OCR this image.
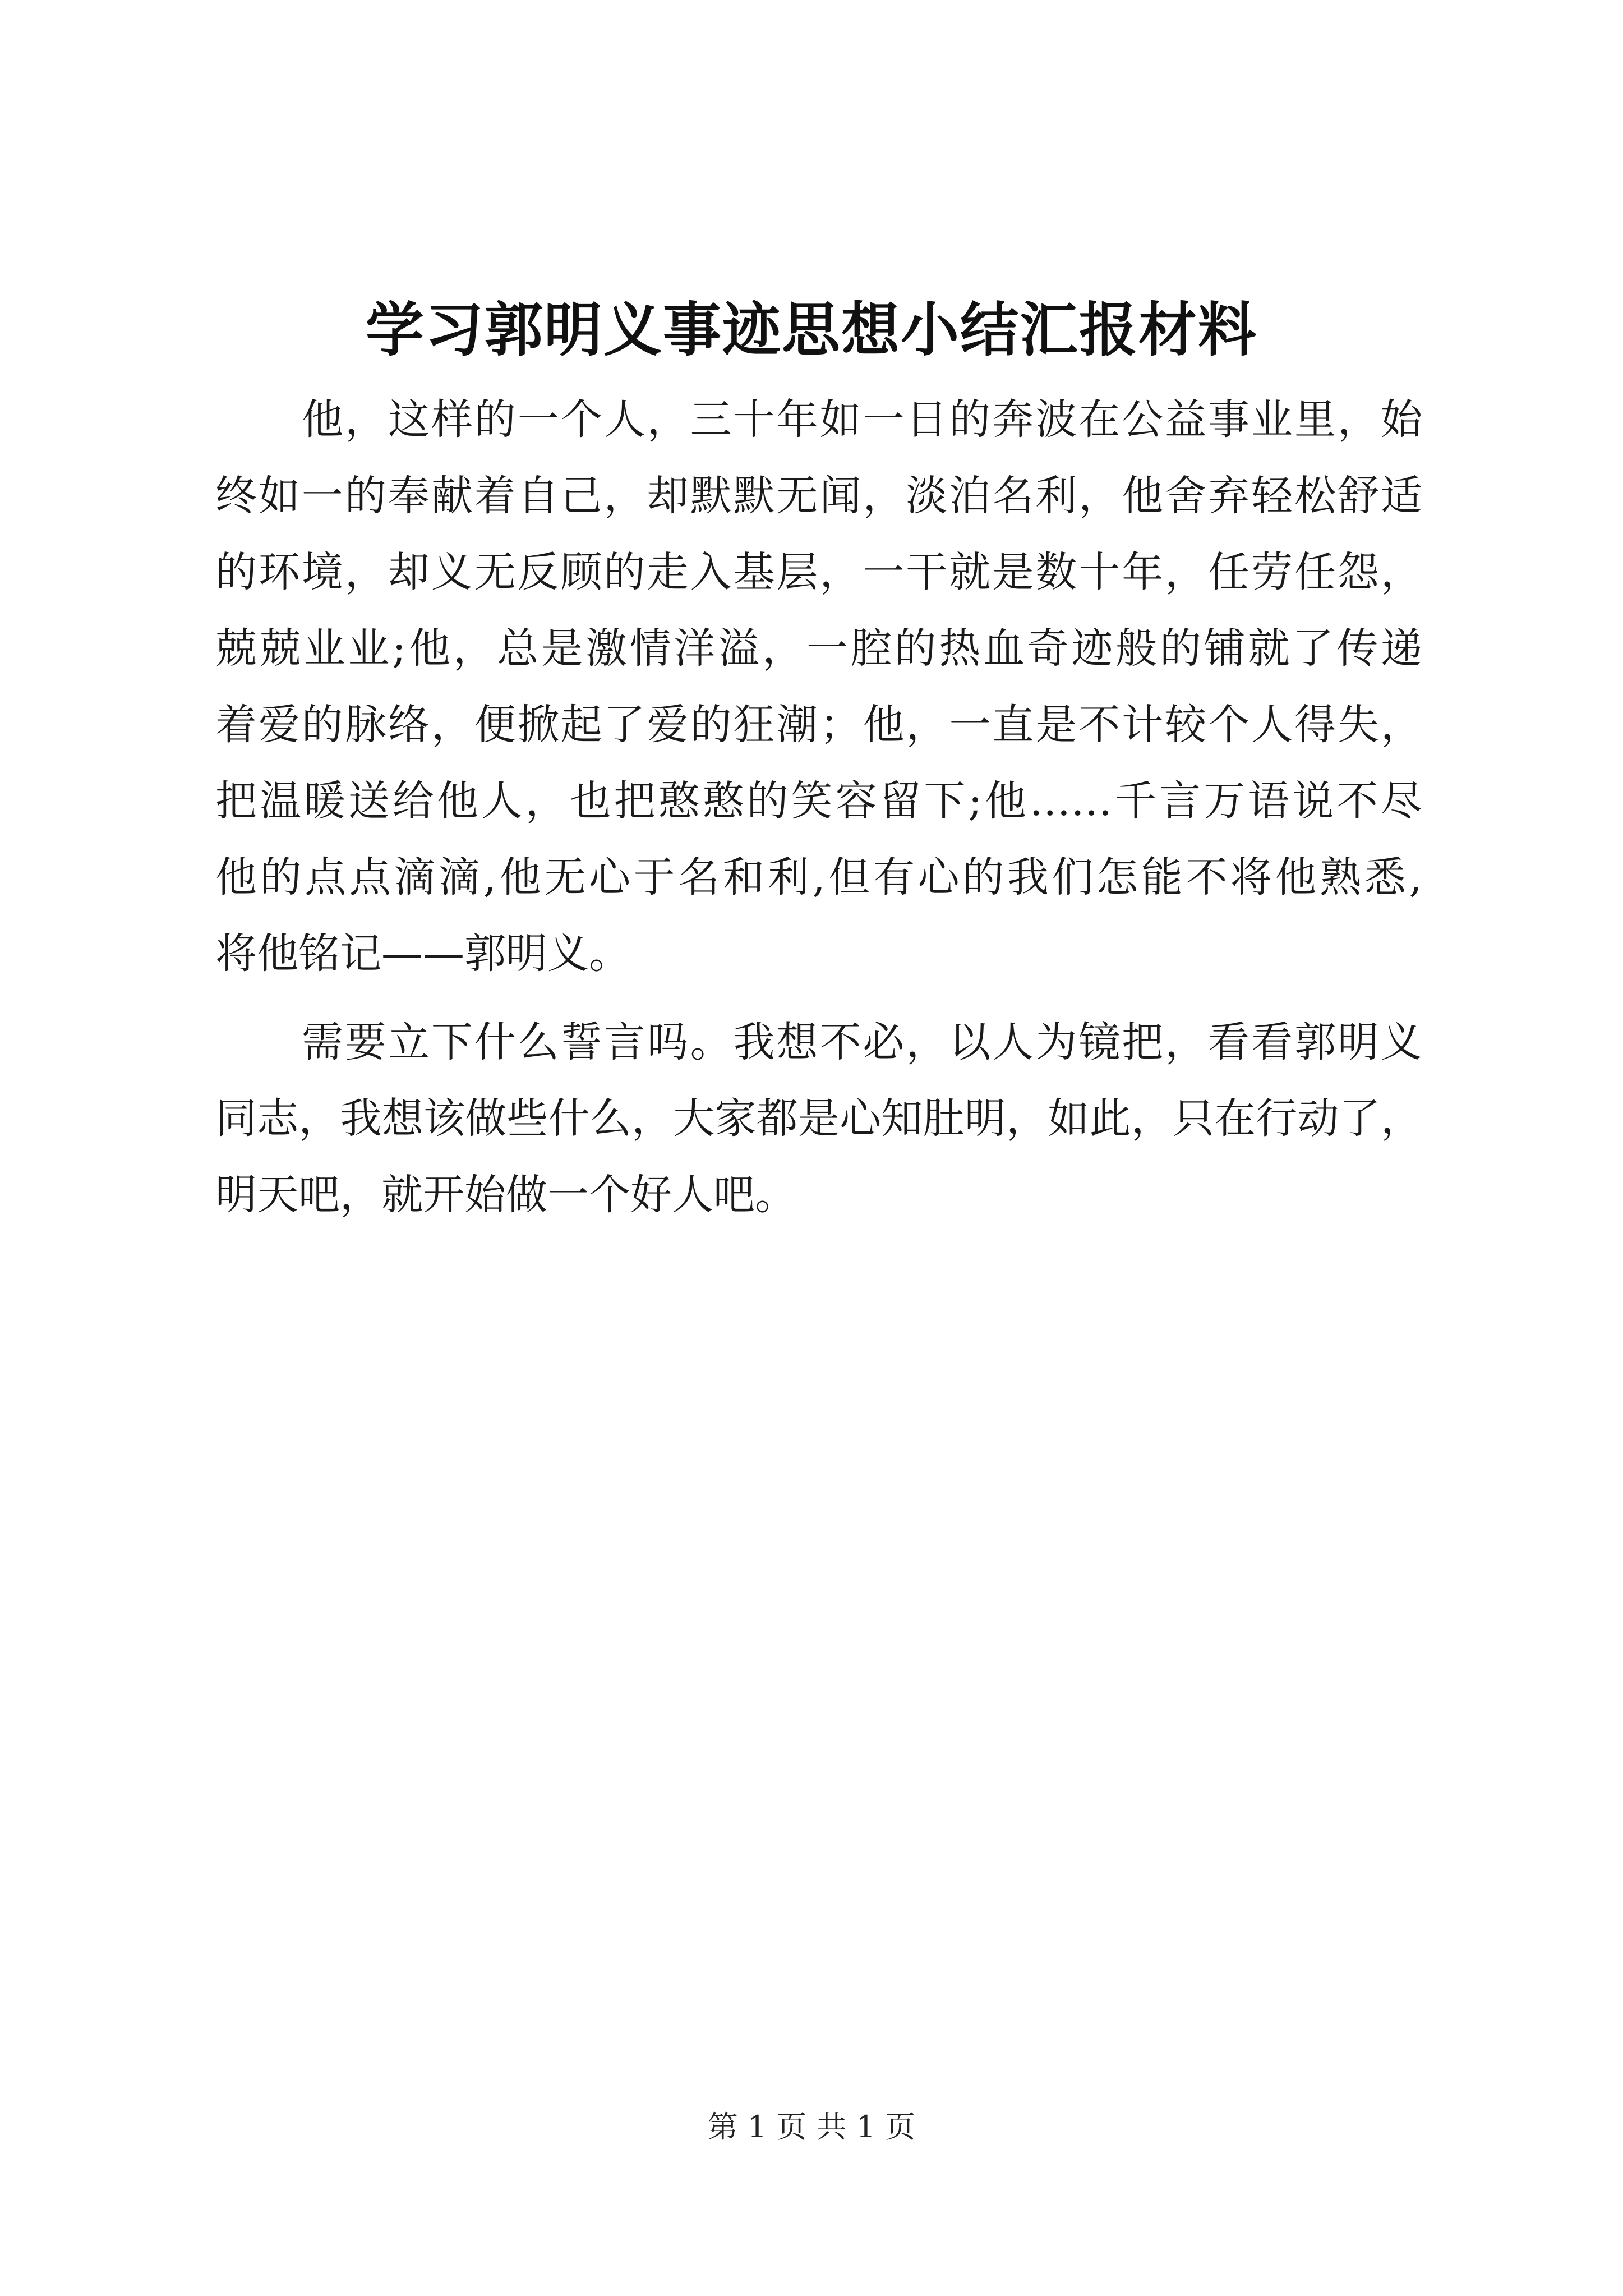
学习郭明义事迹思想小结汇报材料
他，这样的一个人，三十年如一日的奔波在公益事业里，始
终如一的奉献着自己，却默默无闻，淡泊名利，他舍弃轻松舒适
的环境，却义无反顾的走入基层，一干就是数十年，任劳任怨，
兢兢业业;他，总是激情洋溢，一腔的热血奇迹般的铺就了传递
着爱的脉络，便掀起了爱的狂潮；他，一直是不计较个人得失，
把温暖送给他人，也把憨憨的笑容留下;他……千言万语说不尽
他的点点滴滴,他无心于名和利,但有心的我们怎能不将他熟悉,
将他铭记——郭明义。
需要立下什么誓言吗。我想不必，以人为镜把，看看郭明义
同志，我想该做些什么，大家都是心知肚明，如此，只在行动了，
明天吧，就开始做一个好人吧。
第 1 页 共 1 页
